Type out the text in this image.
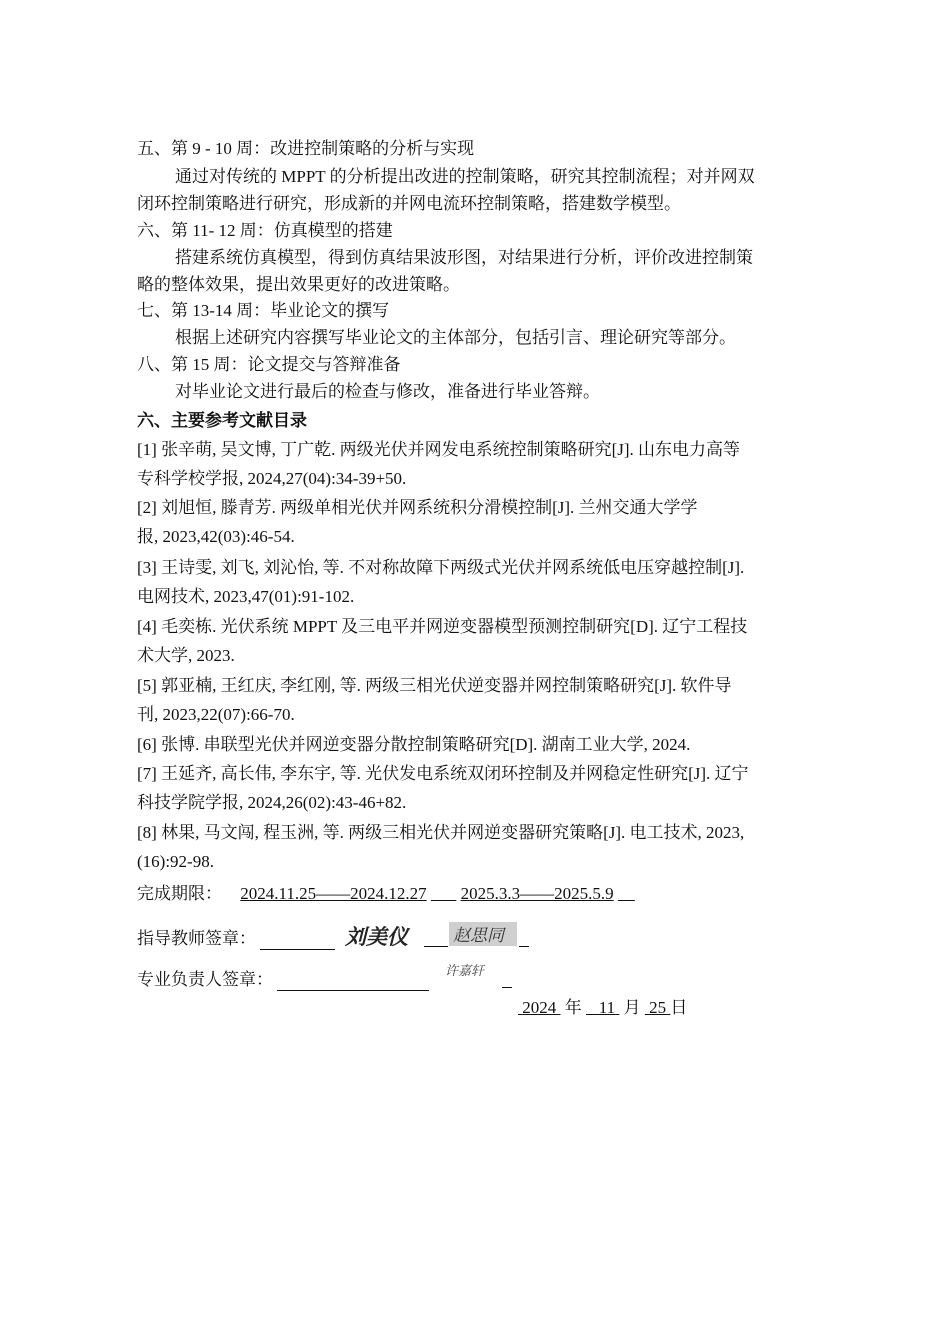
五、第 9 - 10 周：改进控制策略的分析与实现
通过对传统的 MPPT 的分析提出改进的控制策略，研究其控制流程；对并网双
闭环控制策略进行研究，形成新的并网电流环控制策略，搭建数学模型。
六、第 11- 12 周：仿真模型的搭建
搭建系统仿真模型，得到仿真结果波形图，对结果进行分析，评价改进控制策
略的整体效果，提出效果更好的改进策略。
七、第 13-14 周：毕业论文的撰写
根据上述研究内容撰写毕业论文的主体部分，包括引言、理论研究等部分。
八、第 15 周：论文提交与答辩准备
对毕业论文进行最后的检查与修改，准备进行毕业答辩。
六、主要参考文献目录
[1] 张辛萌, 吴文博, 丁广乾. 两级光伏并网发电系统控制策略研究[J]. 山东电力高等
专科学校学报, 2024,27(04):34-39+50.
[2] 刘旭恒, 滕青芳. 两级单相光伏并网系统积分滑模控制[J]. 兰州交通大学学
报, 2023,42(03):46-54.
[3] 王诗雯, 刘飞, 刘沁怡, 等. 不对称故障下两级式光伏并网系统低电压穿越控制[J].
电网技术, 2023,47(01):91-102.
[4] 毛奕栋. 光伏系统 MPPT 及三电平并网逆变器模型预测控制研究[D]. 辽宁工程技
术大学, 2023.
[5] 郭亚楠, 王红庆, 李红刚, 等. 两级三相光伏逆变器并网控制策略研究[J]. 软件导
刊, 2023,22(07):66-70.
[6] 张博. 串联型光伏并网逆变器分散控制策略研究[D]. 湖南工业大学, 2024.
[7] 王延齐, 高长伟, 李东宇, 等. 光伏发电系统双闭环控制及并网稳定性研究[J]. 辽宁
科技学院学报, 2024,26(02):43-46+82.
[8] 林果, 马文闯, 程玉洲, 等. 两级三相光伏并网逆变器研究策略[J]. 电工技术, 2023,
(16):92-98.
完成期限： 2024.11.25——2024.12.27 2025.3.3——2025.5.9
指导教师签章：	刘美仪	赵思同
专业负责人签章：	许嘉轩
2024 年 11 月 25 日
